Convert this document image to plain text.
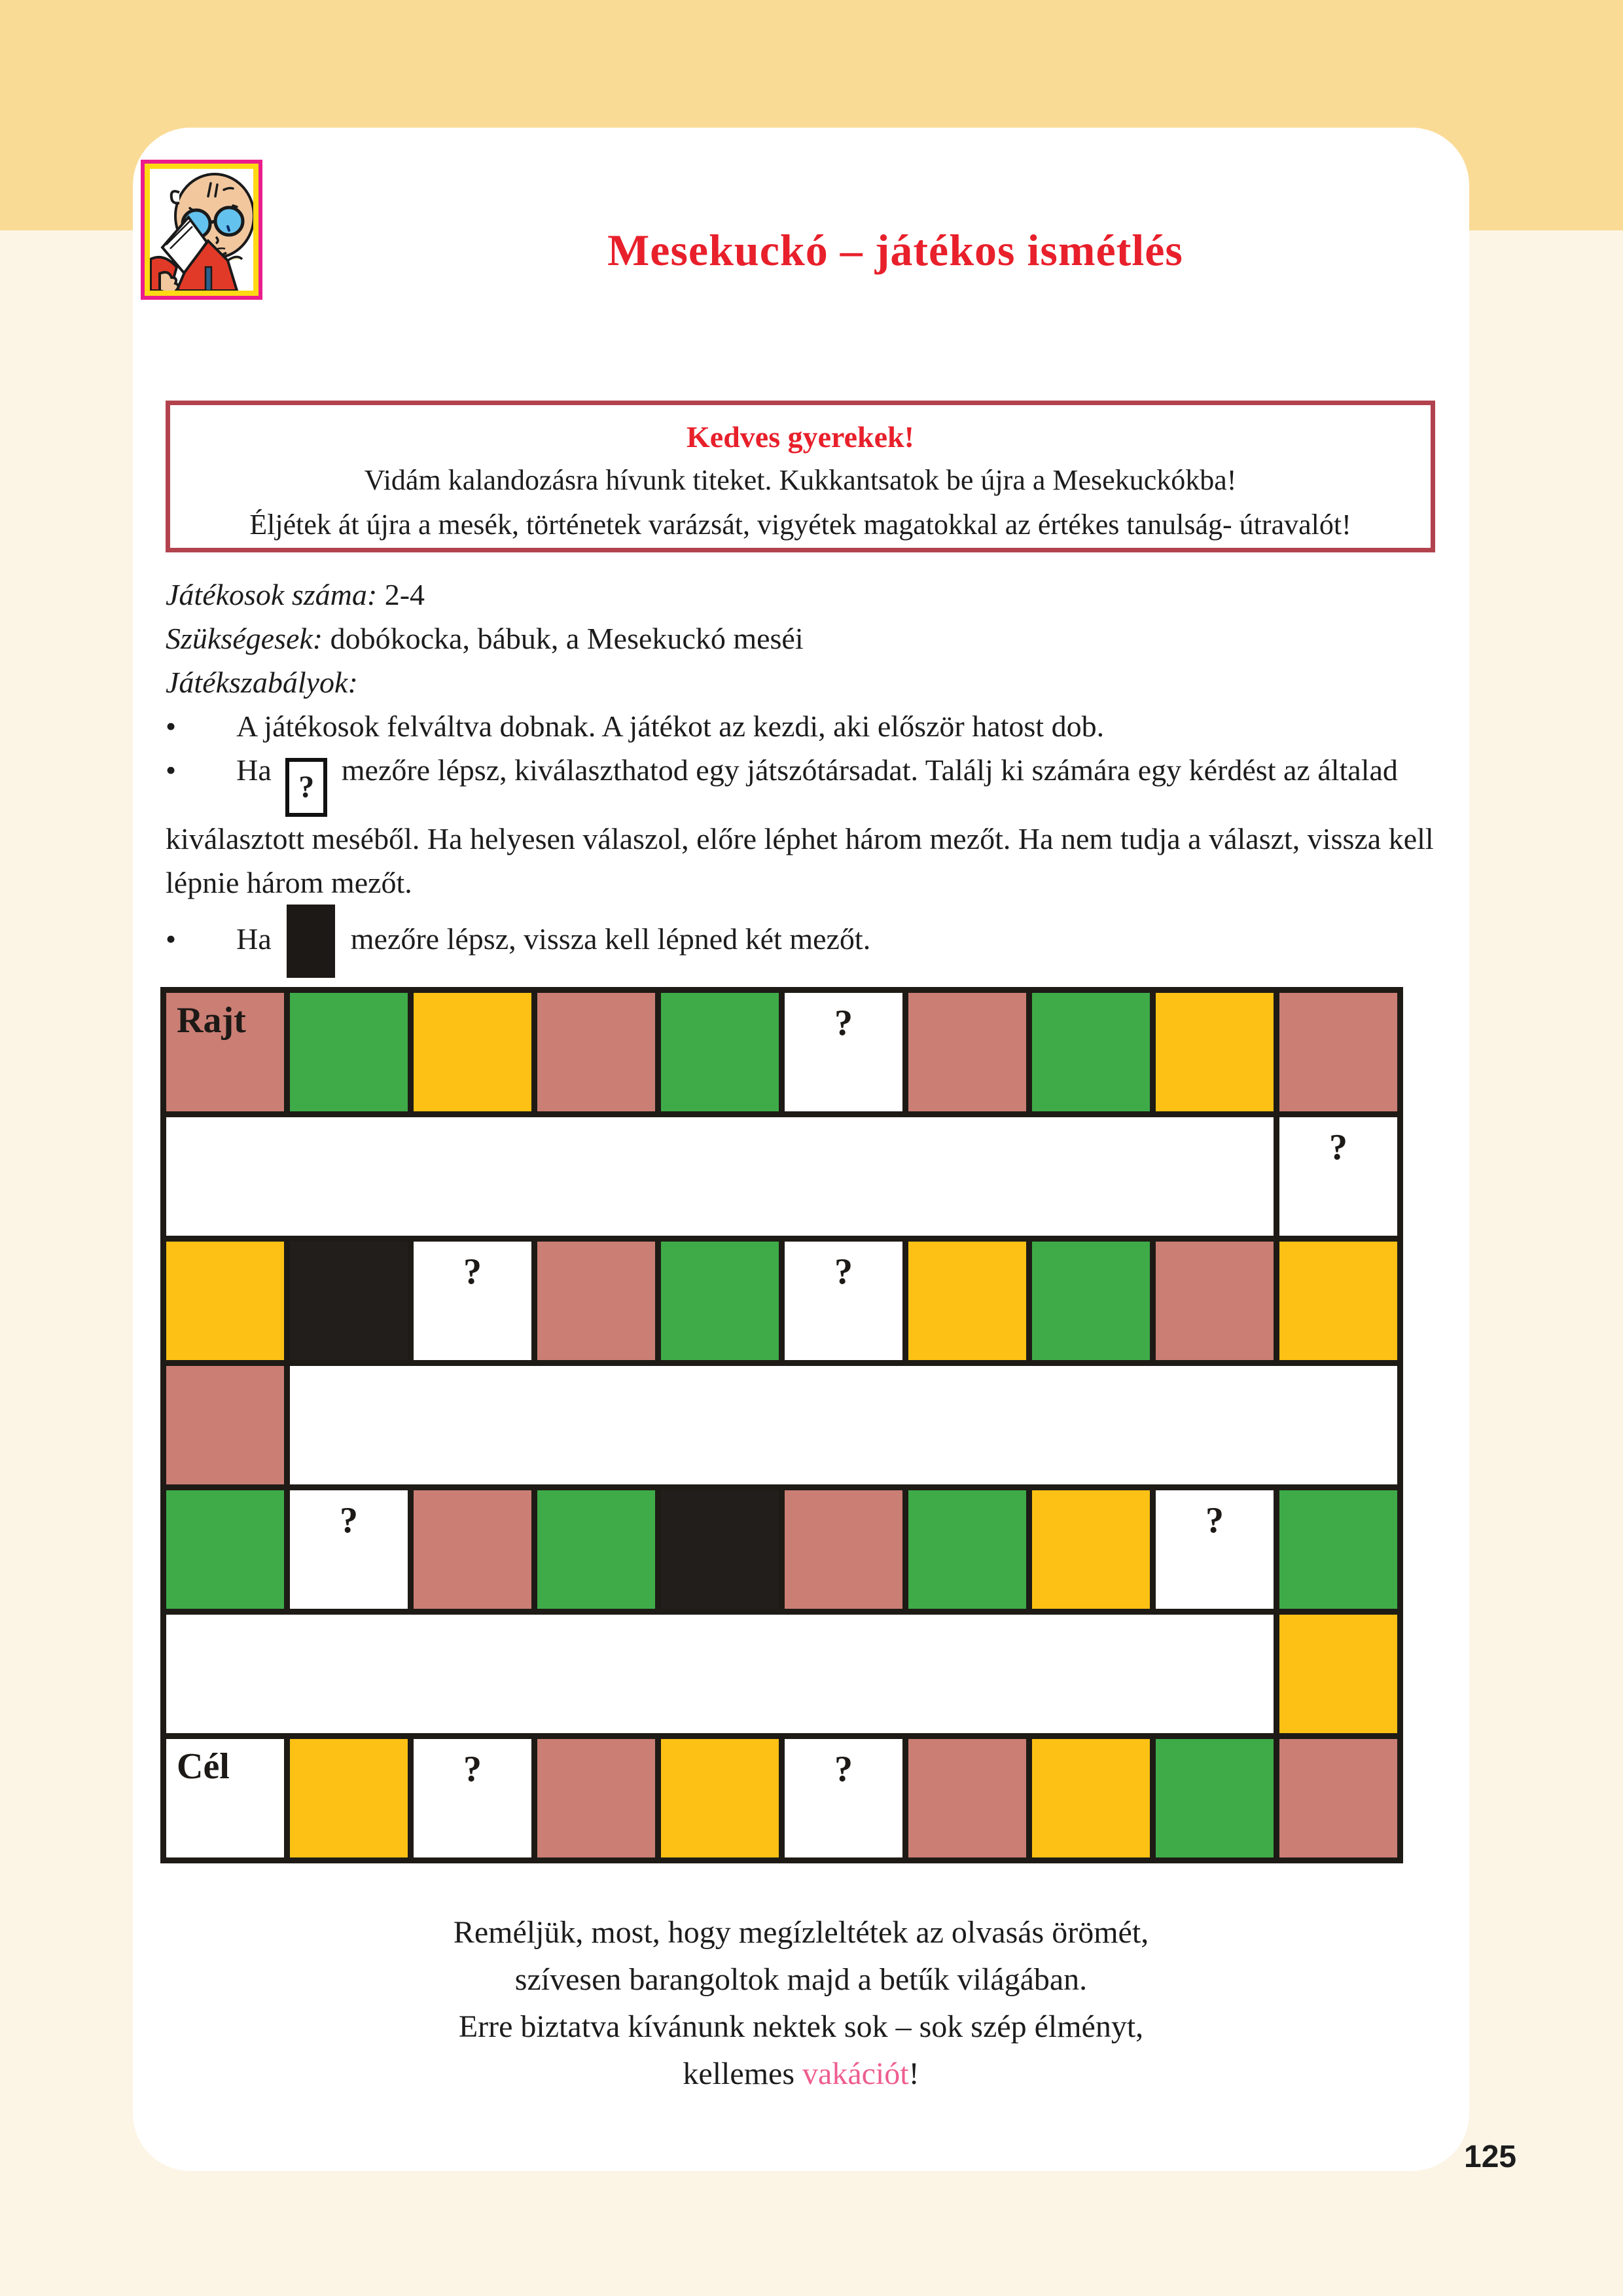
Mesekuckó – játékos ismétlés
Kedves gyerekek!
Vidám kalandozásra hívunk titeket. Kukkantsatok be újra a Mesekuckókba!
Éljétek át újra a mesék, történetek varázsát, vigyétek magatokkal az értékes tanulság- útravalót!

Játékosok száma: 2-4

Szükségesek: dobókocka, bábuk, a Mesekuckó meséi

Játékszabályok:

• A játékosok felváltva dobnak. A játékot az kezdi, aki először hatost dob.

• Ha ? mezőre lépsz, kiválaszthatod egy játszótársadat. Találj ki számára egy kérdést az általad kiválasztott meséből. Ha helyesen válaszol, előre léphet három mezőt. Ha nem tudja a választ, vissza kell lépnie három mezőt.

• Ha  mezőre lépsz, vissza kell lépned két mezőt.

Rajt	?
?
?	?
?	?
Cél	?	?

Reméljük, most, hogy megízleltétek az olvasás örömét,

szívesen barangoltok majd a betűk világában.

Erre biztatva kívánunk nektek sok – sok szép élményt,

kellemes vakációt!

125
